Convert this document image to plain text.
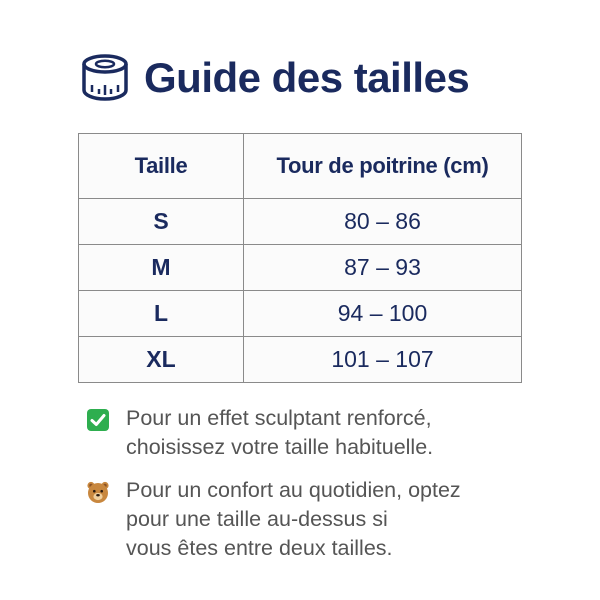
Guide des tailles
Taille	Tour de poitrine (cm)
S	80 – 86
M	87 – 93
L	94 – 100
XL	101 – 107
Pour un effet sculptant renforcé,
choisissez votre taille habituelle.
Pour un confort au quotidien, optez
pour une taille au-dessus si
vous êtes entre deux tailles.
